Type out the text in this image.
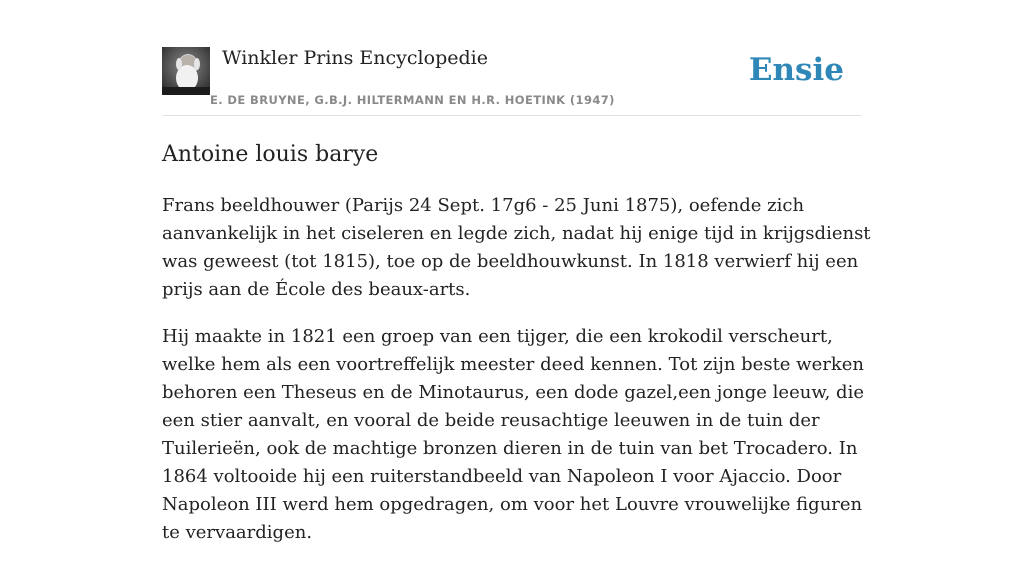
Winkler Prins Encyclopedie
E. DE BRUYNE, G.B.J. HILTERMANN EN H.R. HOETINK (1947)
Ensie
Antoine louis barye

Frans beeldhouwer (Parijs 24 Sept. 17g6 - 25 Juni 1875), oefende zich aanvankelijk in het ciseleren en legde zich, nadat hij enige tijd in krijgsdienst was geweest (tot 1815), toe op de beeldhouwkunst. In 1818 verwierf hij een prijs aan de École des beaux-arts.

Hij maakte in 1821 een groep van een tijger, die een krokodil verscheurt, welke hem als een voortreffelijk meester deed kennen. Tot zijn beste werken behoren een Theseus en de Minotaurus, een dode gazel,een jonge leeuw, die een stier aanvalt, en vooral de beide reusachtige leeuwen in de tuin der Tuilerieën, ook de machtige bronzen dieren in de tuin van bet Trocadero. In 1864 voltooide hij een ruiterstandbeeld van Napoleon I voor Ajaccio. Door Napoleon III werd hem opgedragen, om voor het Louvre vrouwelijke figuren te vervaardigen.
